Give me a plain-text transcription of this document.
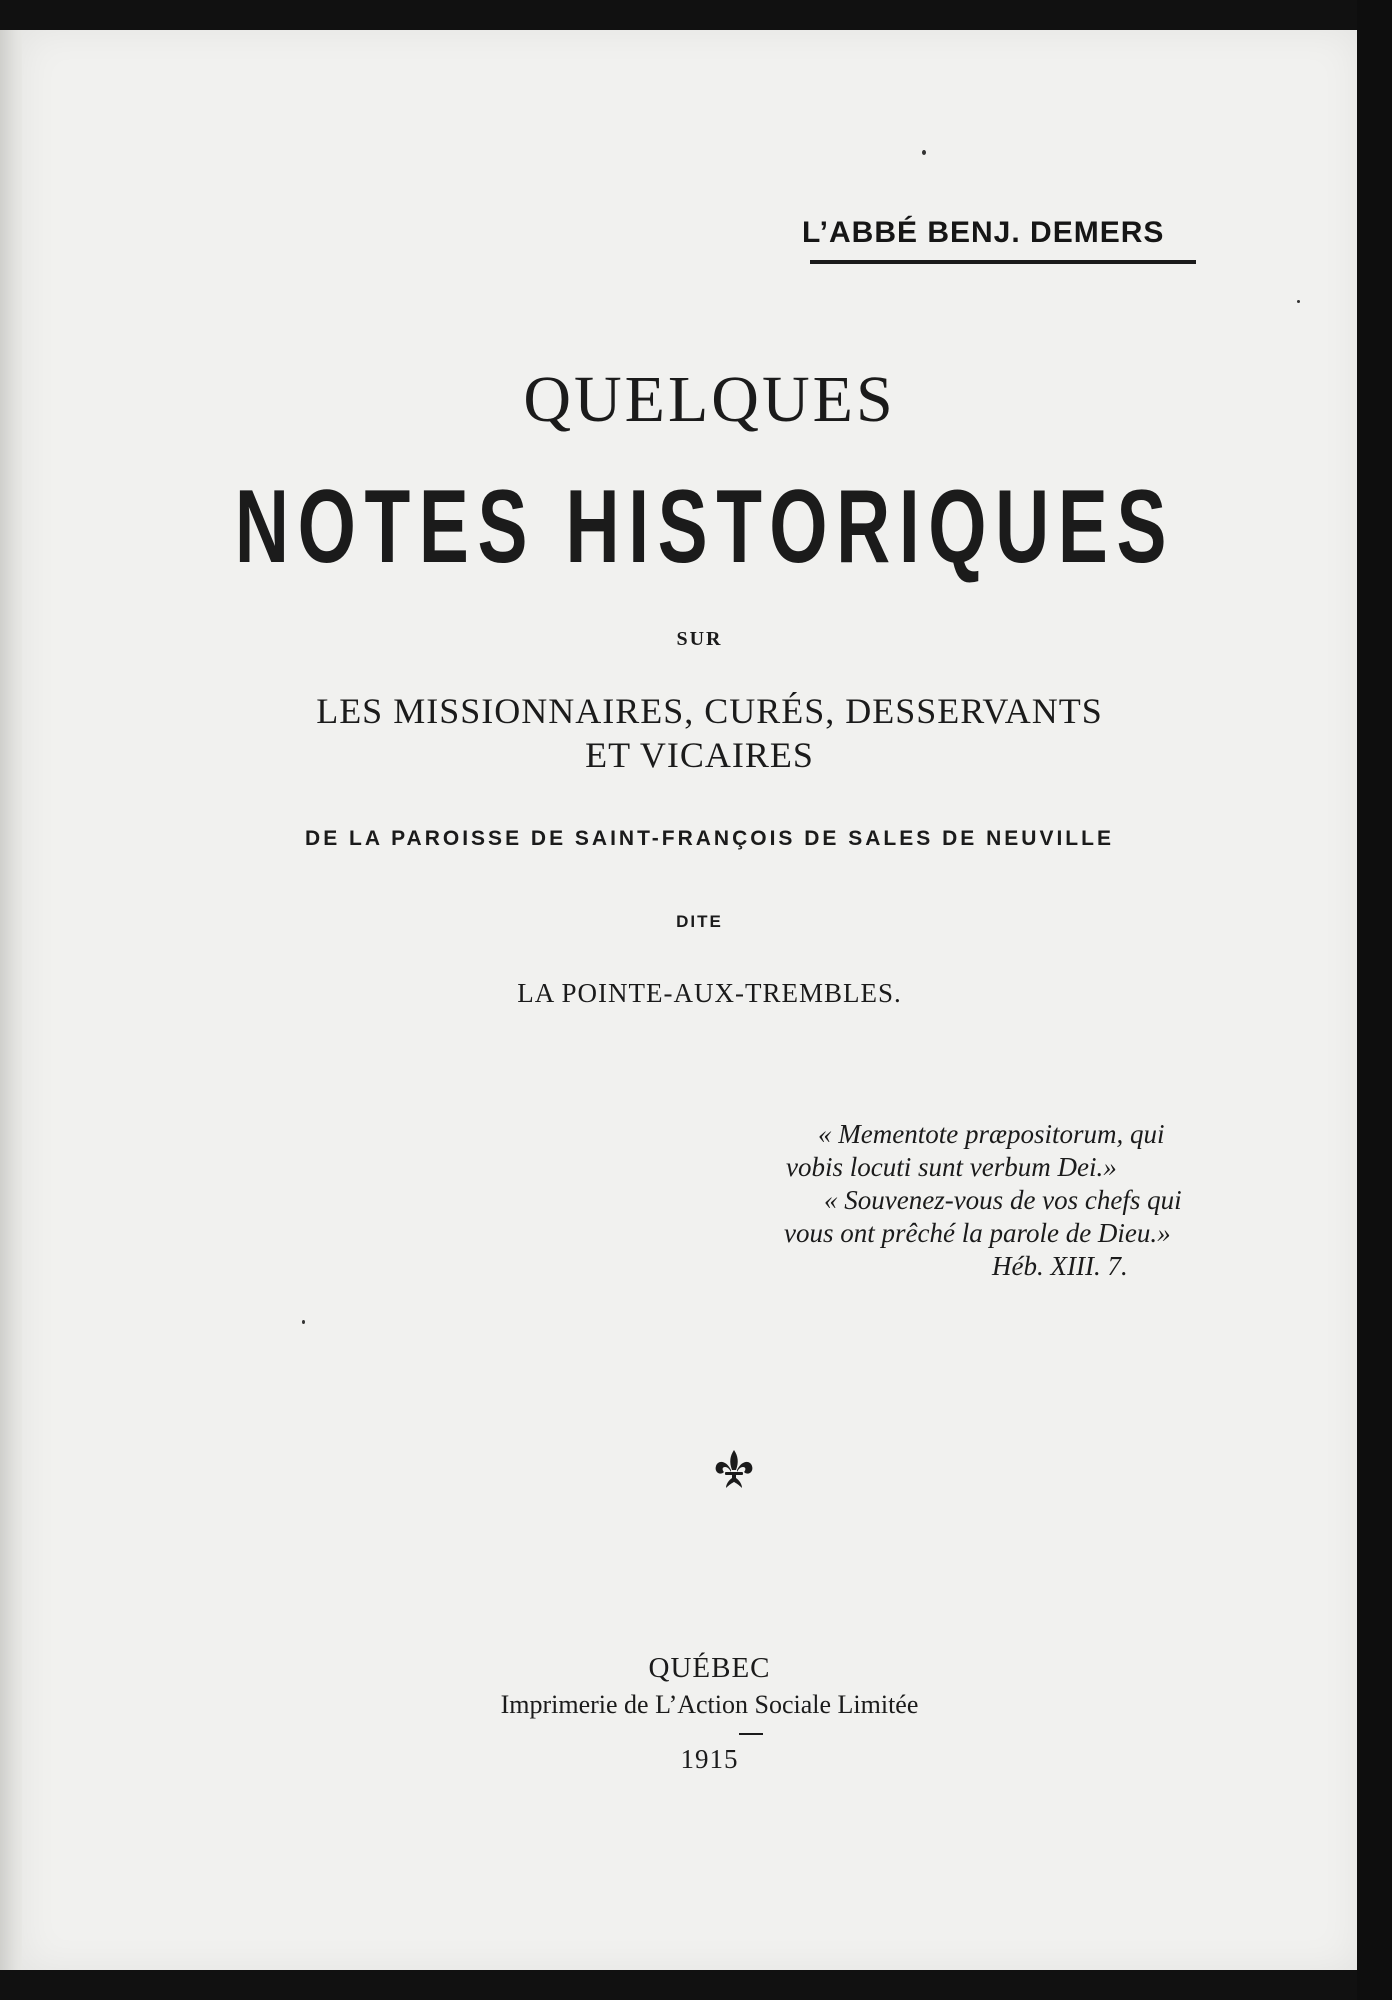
L’ABBÉ BENJ. DEMERS
QUELQUES
NOTES HISTORIQUES
SUR
LES MISSIONNAIRES, CURÉS, DESSERVANTS
ET VICAIRES
DE LA PAROISSE DE SAINT-FRANÇOIS DE SALES DE NEUVILLE
DITE
LA POINTE-AUX-TREMBLES.
« Mementote præpositorum, qui
vobis locuti sunt verbum Dei.»
« Souvenez-vous de vos chefs qui
vous ont prêché la parole de Dieu.»
Héb. XIII. 7.
QUÉBEC
Imprimerie de L’Action Sociale Limitée
1915
